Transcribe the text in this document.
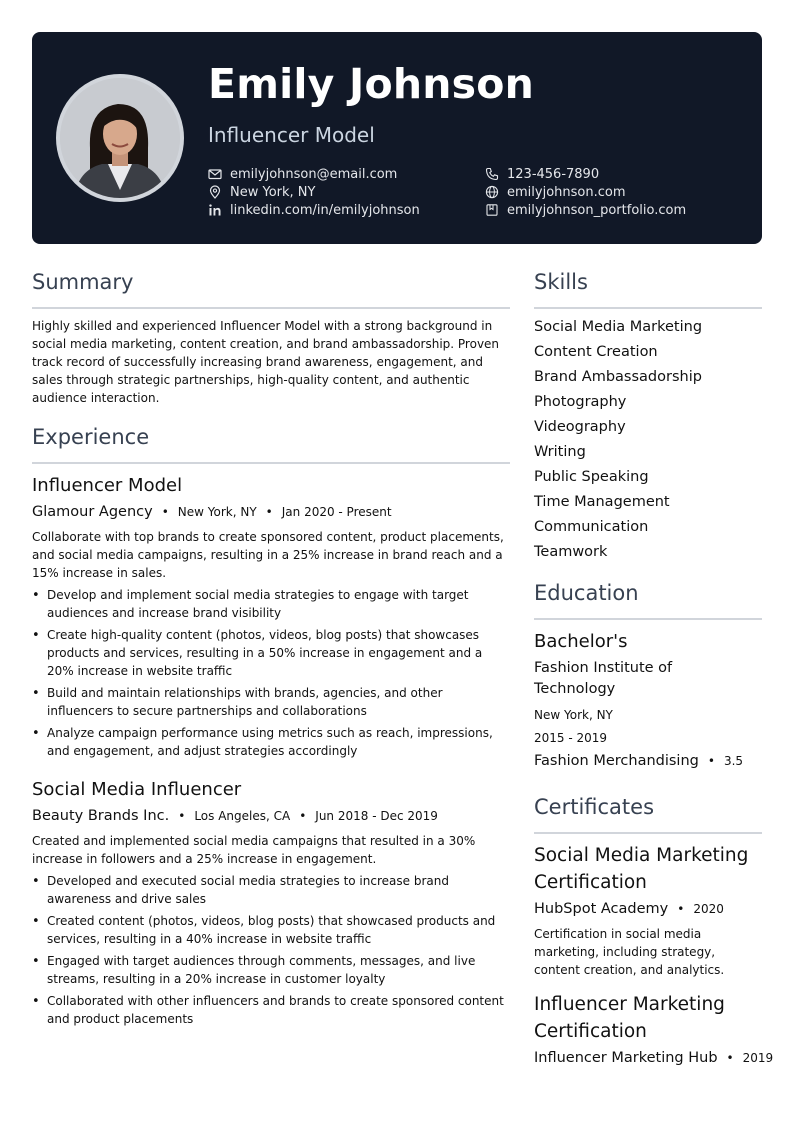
Emily Johnson
Influencer Model
emilyjohnson@email.com
New York, NY
linkedin.com/in/emilyjohnson
123-456-7890
emilyjohnson.com
emilyjohnson_portfolio.com
Summary
Highly skilled and experienced Influencer Model with a strong background in social media marketing, content creation, and brand ambassadorship. Proven track record of successfully increasing brand awareness, engagement, and sales through strategic partnerships, high-quality content, and authentic audience interaction.
Experience
Influencer Model
Glamour Agency • New York, NY • Jan 2020 - Present
Collaborate with top brands to create sponsored content, product placements, and social media campaigns, resulting in a 25% increase in brand reach and a 15% increase in sales.
• Develop and implement social media strategies to engage with target audiences and increase brand visibility
• Create high-quality content (photos, videos, blog posts) that showcases products and services, resulting in a 50% increase in engagement and a 20% increase in website traffic
• Build and maintain relationships with brands, agencies, and other influencers to secure partnerships and collaborations
• Analyze campaign performance using metrics such as reach, impressions, and engagement, and adjust strategies accordingly
Social Media Influencer
Beauty Brands Inc. • Los Angeles, CA • Jun 2018 - Dec 2019
Created and implemented social media campaigns that resulted in a 30% increase in followers and a 25% increase in engagement.
• Developed and executed social media strategies to increase brand awareness and drive sales
• Created content (photos, videos, blog posts) that showcased products and services, resulting in a 40% increase in website traffic
• Engaged with target audiences through comments, messages, and live streams, resulting in a 20% increase in customer loyalty
• Collaborated with other influencers and brands to create sponsored content and product placements
Skills
Social Media Marketing
Content Creation
Brand Ambassadorship
Photography
Videography
Writing
Public Speaking
Time Management
Communication
Teamwork
Education
Bachelor's
Fashion Institute of Technology
New York, NY
2015 - 2019
Fashion Merchandising • 3.5
Certificates
Social Media Marketing Certification
HubSpot Academy • 2020
Certification in social media marketing, including strategy, content creation, and analytics.
Influencer Marketing Certification
Influencer Marketing Hub • 2019
